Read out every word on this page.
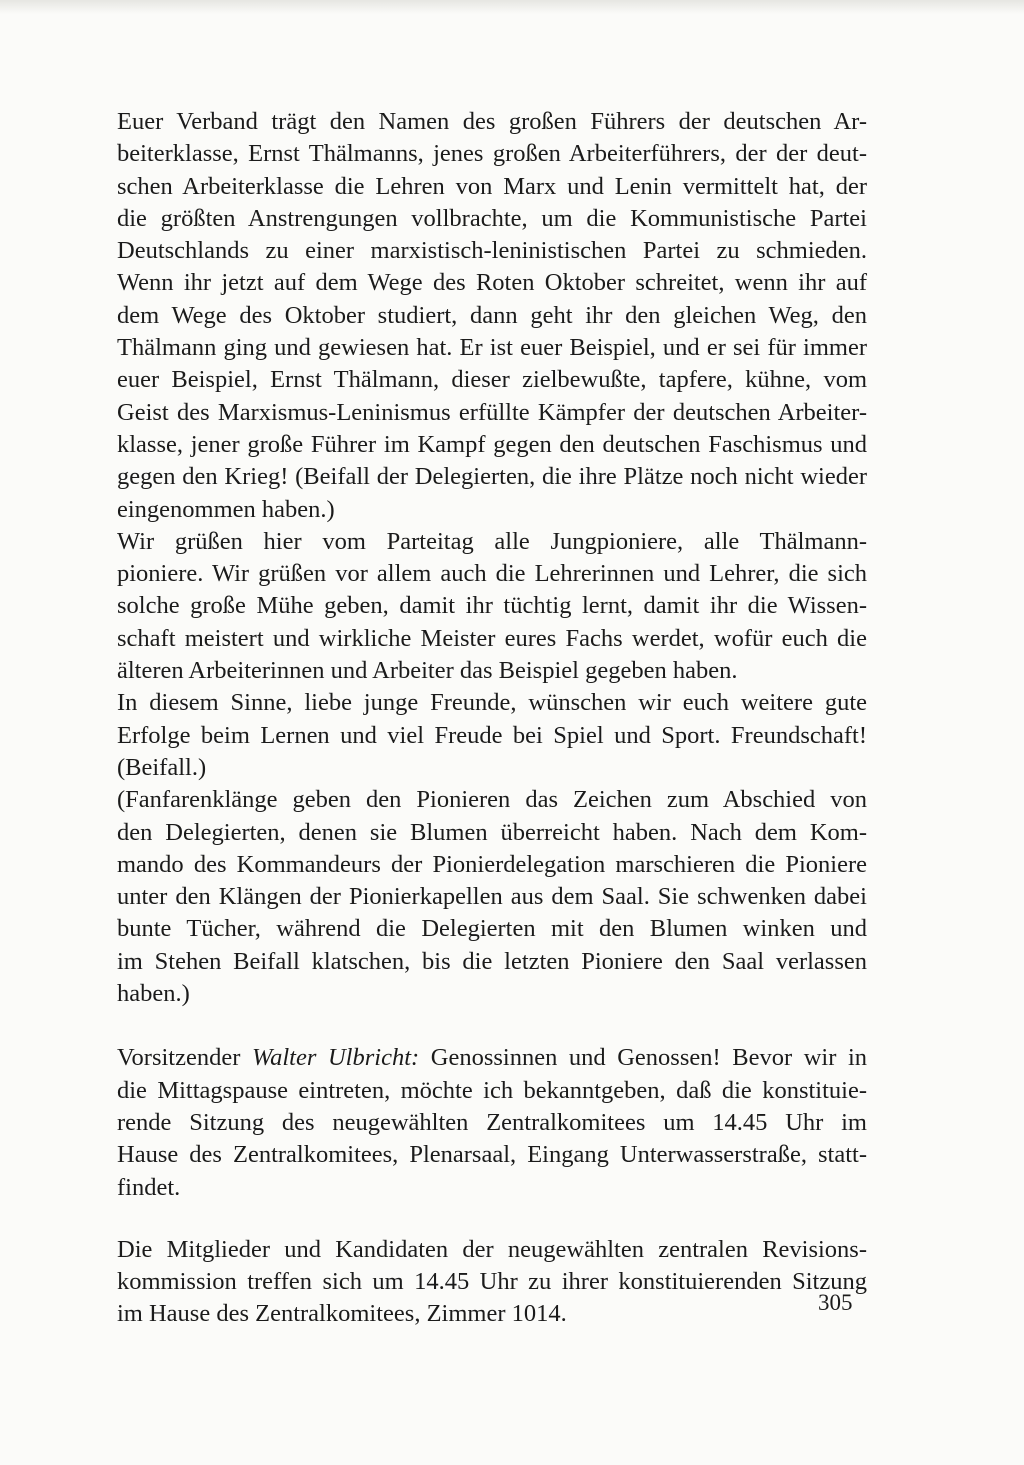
Euer Verband trägt den Namen des großen Führers der deutschen Ar-
beiterklasse, Ernst Thälmanns, jenes großen Arbeiterführers, der der deut-
schen Arbeiterklasse die Lehren von Marx und Lenin vermittelt hat, der
die größten Anstrengungen vollbrachte, um die Kommunistische Partei
Deutschlands zu einer marxistisch-leninistischen Partei zu schmieden.
Wenn ihr jetzt auf dem Wege des Roten Oktober schreitet, wenn ihr auf
dem Wege des Oktober studiert, dann geht ihr den gleichen Weg, den
Thälmann ging und gewiesen hat. Er ist euer Beispiel, und er sei für immer
euer Beispiel, Ernst Thälmann, dieser zielbewußte, tapfere, kühne, vom
Geist des Marxismus-Leninismus erfüllte Kämpfer der deutschen Arbeiter-
klasse, jener große Führer im Kampf gegen den deutschen Faschismus und
gegen den Krieg! (Beifall der Delegierten, die ihre Plätze noch nicht wieder
eingenommen haben.)

Wir grüßen hier vom Parteitag alle Jungpioniere, alle Thälmann-
pioniere. Wir grüßen vor allem auch die Lehrerinnen und Lehrer, die sich
solche große Mühe geben, damit ihr tüchtig lernt, damit ihr die Wissen-
schaft meistert und wirkliche Meister eures Fachs werdet, wofür euch die
älteren Arbeiterinnen und Arbeiter das Beispiel gegeben haben.

In diesem Sinne, liebe junge Freunde, wünschen wir euch weitere gute
Erfolge beim Lernen und viel Freude bei Spiel und Sport. Freundschaft!
(Beifall.)

(Fanfarenklänge geben den Pionieren das Zeichen zum Abschied von
den Delegierten, denen sie Blumen überreicht haben. Nach dem Kom-
mando des Kommandeurs der Pionierdelegation marschieren die Pioniere
unter den Klängen der Pionierkapellen aus dem Saal. Sie schwenken dabei
bunte Tücher, während die Delegierten mit den Blumen winken und
im Stehen Beifall klatschen, bis die letzten Pioniere den Saal verlassen
haben.)

Vorsitzender Walter Ulbricht: Genossinnen und Genossen! Bevor wir in
die Mittagspause eintreten, möchte ich bekanntgeben, daß die konstituie-
rende Sitzung des neugewählten Zentralkomitees um 14.45 Uhr im
Hause des Zentralkomitees, Plenarsaal, Eingang Unterwasserstraße, statt-
findet.

Die Mitglieder und Kandidaten der neugewählten zentralen Revisions-
kommission treffen sich um 14.45 Uhr zu ihrer konstituierenden Sitzung
im Hause des Zentralkomitees, Zimmer 1014.	305
